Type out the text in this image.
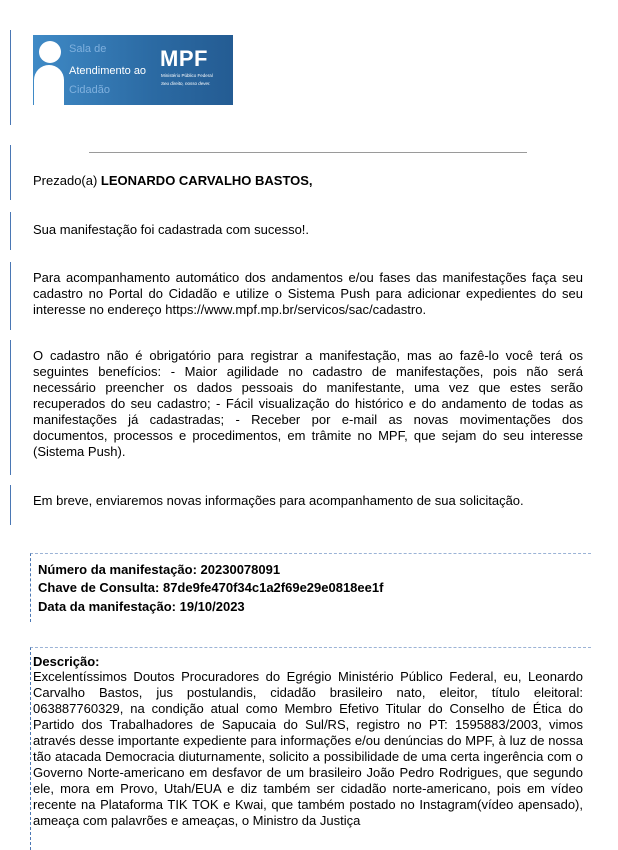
Sala de
Atendimento ao
Cidadão
MPF
Ministério Público Federal
Seu direito, nosso dever.

Prezado(a) LEONARDO CARVALHO BASTOS,

Sua manifestação foi cadastrada com sucesso!.

Para acompanhamento automático dos andamentos e/ou fases das manifestações faça seu cadastro no Portal do Cidadão e utilize o Sistema Push para adicionar expedientes do seu interesse no endereço https://www.mpf.mp.br/servicos/sac/cadastro.

O cadastro não é obrigatório para registrar a manifestação, mas ao fazê-lo você terá os seguintes benefícios: - Maior agilidade no cadastro de manifestações, pois não será necessário preencher os dados pessoais do manifestante, uma vez que estes serão recuperados do seu cadastro; - Fácil visualização do histórico e do andamento de todas as manifestações já cadastradas; - Receber por e-mail as novas movimentações dos documentos, processos e procedimentos, em trâmite no MPF, que sejam do seu interesse (Sistema Push).

Em breve, enviaremos novas informações para acompanhamento de sua solicitação.

Número da manifestação: 20230078091

Chave de Consulta: 87de9fe470f34c1a2f69e29e0818ee1f

Data da manifestação: 19/10/2023

Descrição:

Excelentíssimos Doutos Procuradores do Egrégio Ministério Público Federal, eu, Leonardo Carvalho Bastos, jus postulandis, cidadão brasileiro nato, eleitor, título eleitoral: 063887760329, na condição atual como Membro Efetivo Titular do Conselho de Ética do Partido dos Trabalhadores de Sapucaia do Sul/RS, registro no PT: 1595883/2003, vimos através desse importante expediente para informações e/ou denúncias do MPF, à luz de nossa tão atacada Democracia diuturnamente, solicito a possibilidade de uma certa ingerência com o Governo Norte-americano em desfavor de um brasileiro João Pedro Rodrigues, que segundo ele, mora em Provo, Utah/EUA e diz também ser cidadão norte-americano, pois em vídeo recente na Plataforma TIK TOK e Kwai, que também postado no Instagram(vídeo apensado), ameaça com palavrões e ameaças, o Ministro da Justiça
